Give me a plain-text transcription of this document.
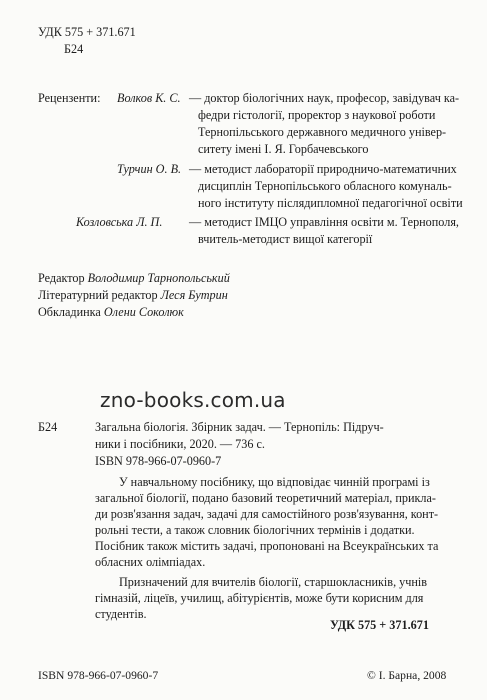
УДК 575 + 371.671
Б24
Рецензенти: Волков К. С. — доктор біологічних наук, професор, завідувач ка-
федри гістології, проректор з наукової роботи
Тернопільського державного медичного універ-
ситету імені І. Я. Горбачевського
Турчин О. В. — методист лабораторії природничо-математичних
дисциплін Тернопільського обласного комуналь-
ного інституту післядипломної педагогічної освіти
Козловська Л. П. — методист ІМЦО управління освіти м. Тернополя,
вчитель-методист вищої категорії
Редактор Володимир Тарнопольський
Літературний редактор Леся Бутрин
Обкладинка Олени Соколюк
zno-books.com.ua
Б24	Загальна біологія. Збірник задач. — Тернопіль: Підруч-
ники і посібники, 2020. — 736 с.
ISBN 978-966-07-0960-7
У навчальному посібнику, що відповідає чинній програмі із
загальної біології, подано базовий теоретичний матеріал, прикла-
ди розв'язання задач, задачі для самостійного розв'язування, конт-
рольні тести, а також словник біологічних термінів і додатки.
Посібник також містить задачі, пропоновані на Всеукраїнських та
обласних олімпіадах.
Призначений для вчителів біології, старшокласників, учнів
гімназій, ліцеїв, училищ, абітурієнтів, може бути корисним для
студентів.
УДК 575 + 371.671
ISBN 978-966-07-0960-7	© І. Барна, 2008
